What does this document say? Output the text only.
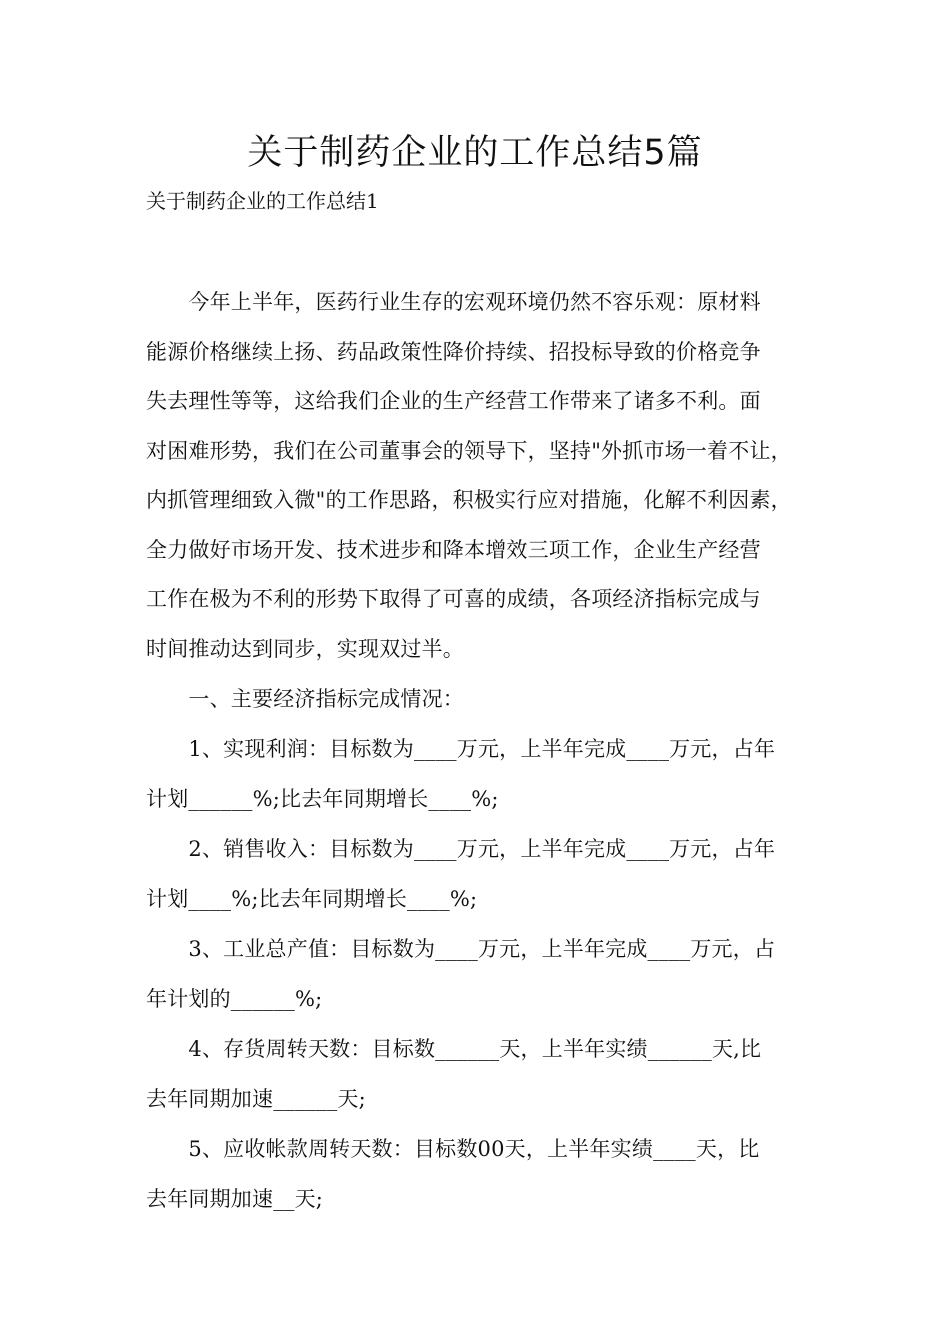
关于制药企业的工作总结5篇
关于制药企业的工作总结1
　　今年上半年，医药行业生存的宏观环境仍然不容乐观：原材料
能源价格继续上扬、药品政策性降价持续、招投标导致的价格竞争
失去理性等等，这给我们企业的生产经营工作带来了诸多不利。面
对困难形势，我们在公司董事会的领导下，坚持"外抓市场一着不让，
内抓管理细致入微"的工作思路，积极实行应对措施，化解不利因素，
全力做好市场开发、技术进步和降本增效三项工作，企业生产经营
工作在极为不利的形势下取得了可喜的成绩，各项经济指标完成与
时间推动达到同步，实现双过半。
　　一、主要经济指标完成情况：
　　1、实现利润：目标数为____万元，上半年完成____万元，占年
计划______%;比去年同期增长____%;
　　2、销售收入：目标数为____万元，上半年完成____万元，占年
计划____%;比去年同期增长____%;
　　3、工业总产值：目标数为____万元，上半年完成____万元，占
年计划的______%;
　　4、存货周转天数：目标数______天，上半年实绩______天,比
去年同期加速______天;
　　5、应收帐款周转天数：目标数00天，上半年实绩____天，比
去年同期加速__天;
